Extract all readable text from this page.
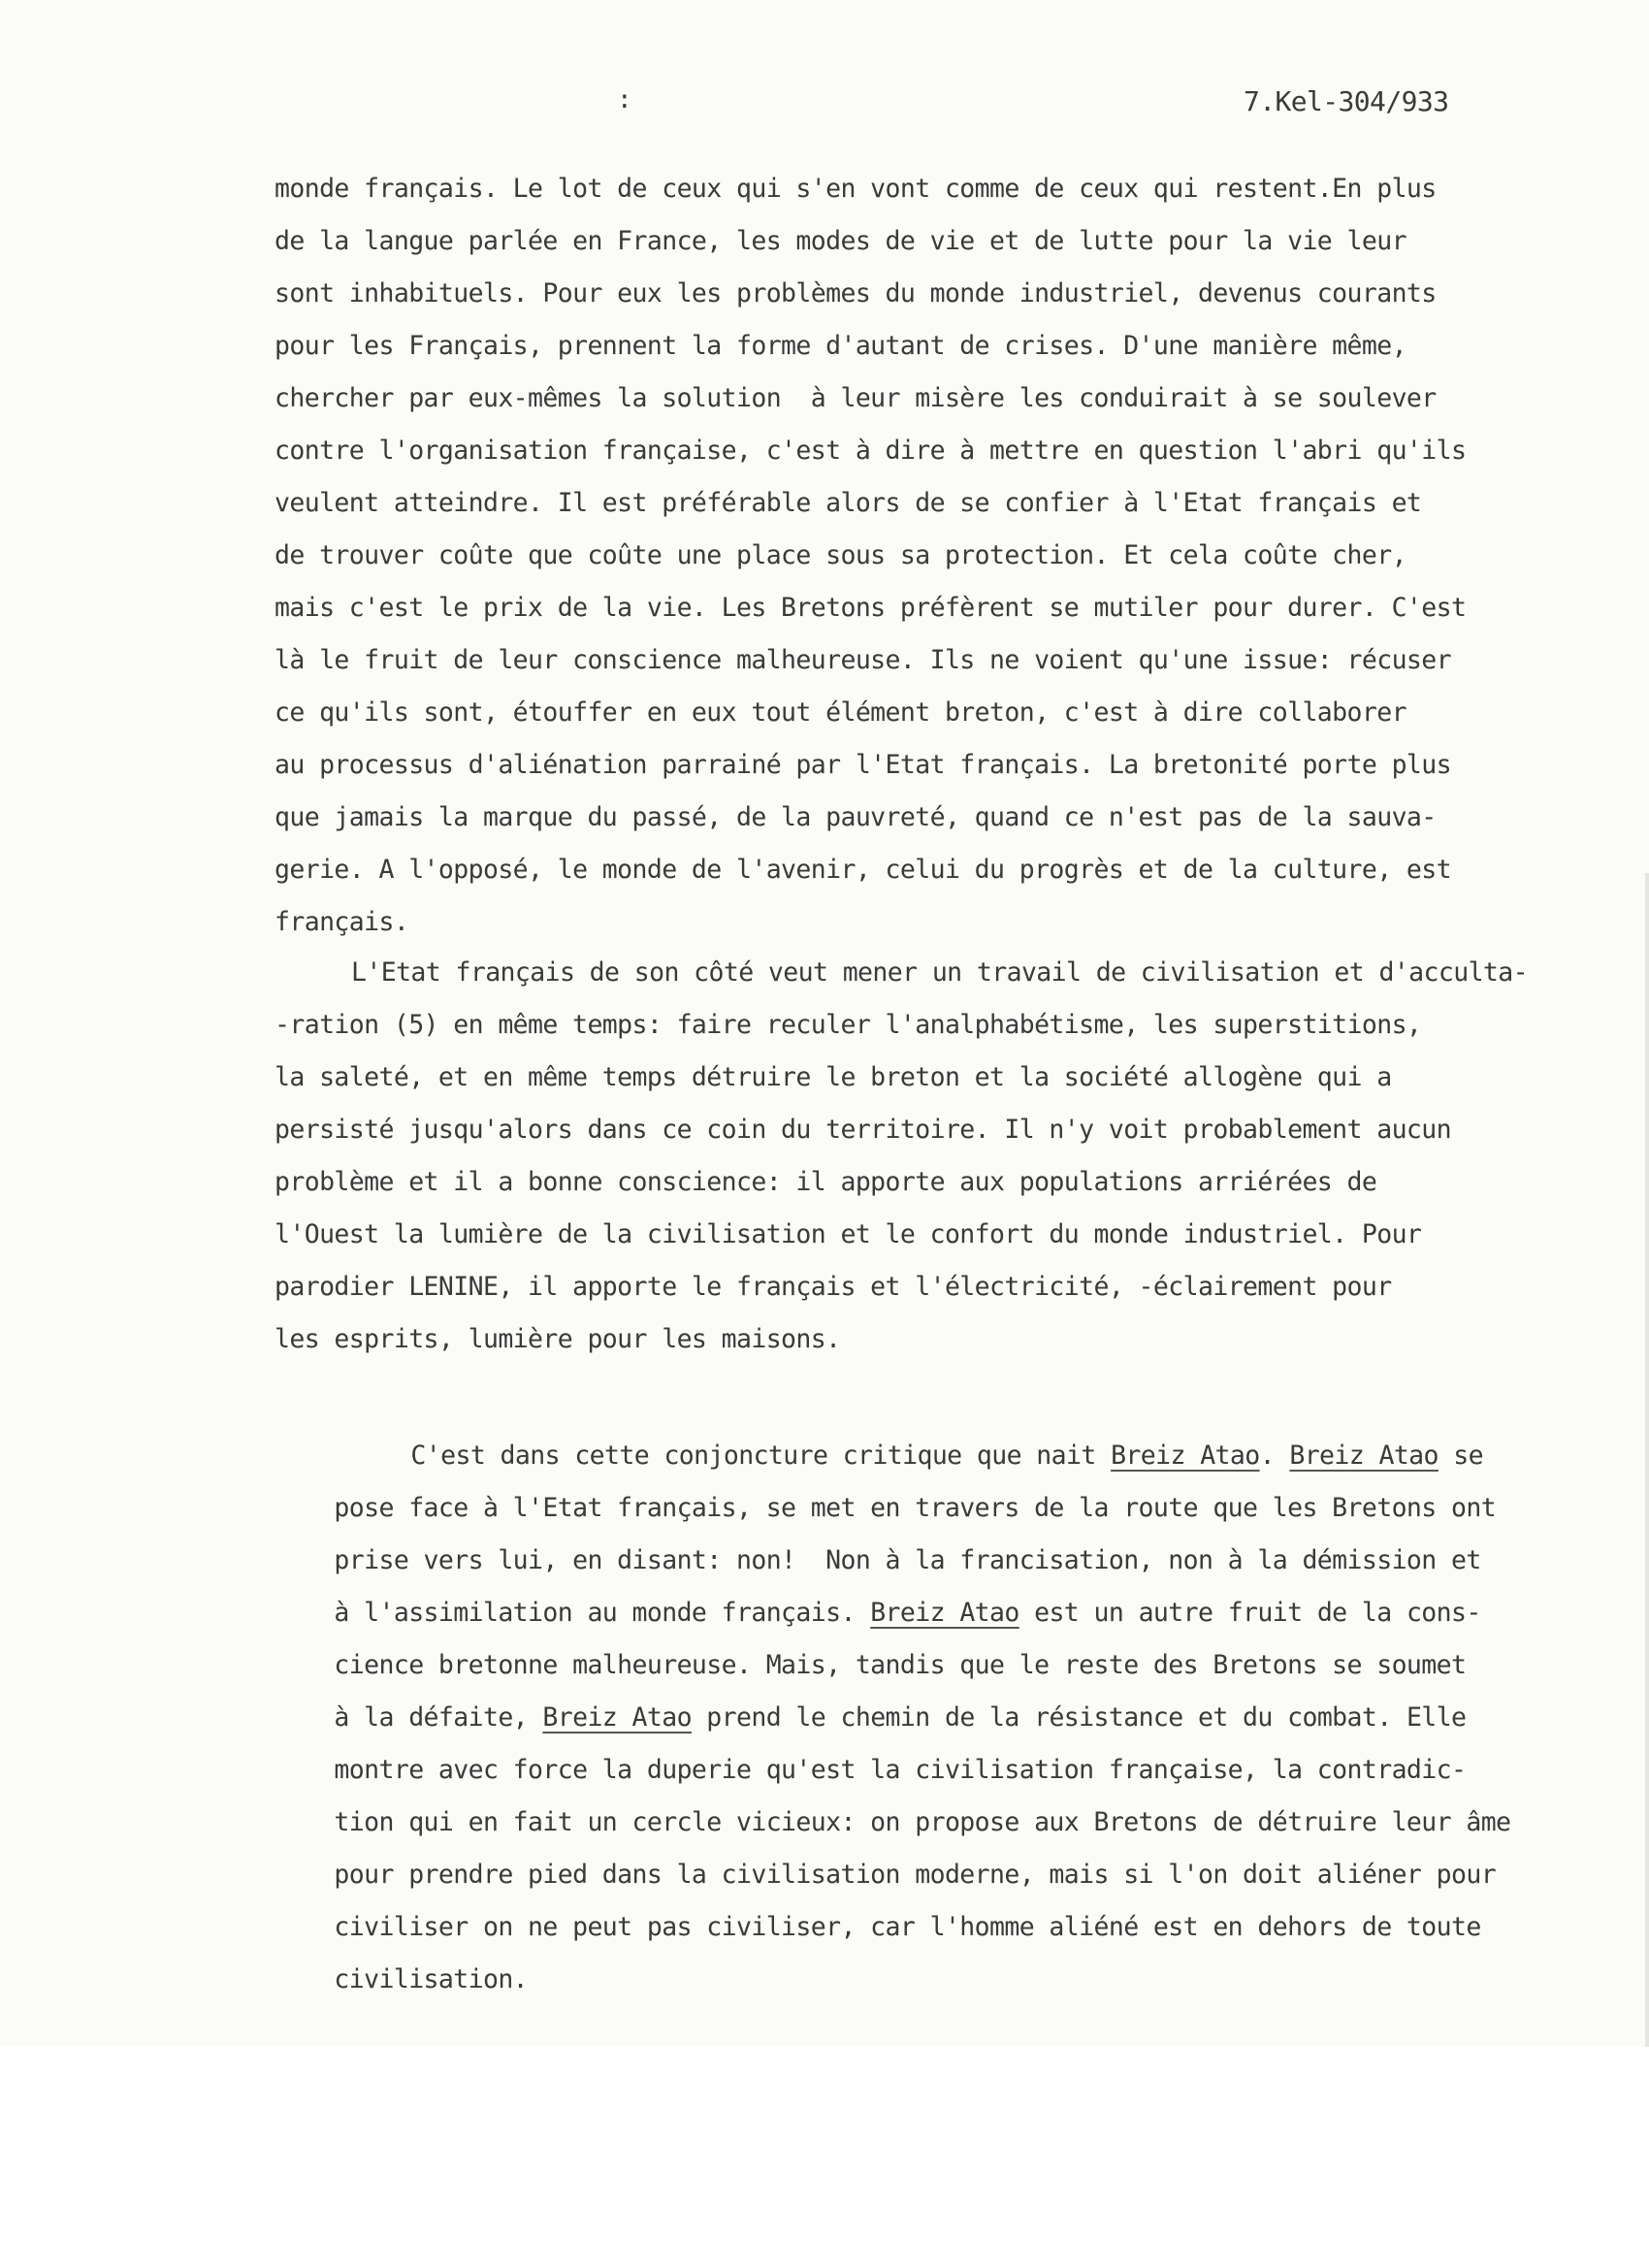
:	7.Kel-304/933
monde français. Le lot de ceux qui s'en vont comme de ceux qui restent.En plus
de la langue parlée en France, les modes de vie et de lutte pour la vie leur
sont inhabituels. Pour eux les problèmes du monde industriel, devenus courants
pour les Français, prennent la forme d'autant de crises. D'une manière même,
chercher par eux-mêmes la solution  à leur misère les conduirait à se soulever
contre l'organisation française, c'est à dire à mettre en question l'abri qu'ils
veulent atteindre. Il est préférable alors de se confier à l'Etat français et
de trouver coûte que coûte une place sous sa protection. Et cela coûte cher,
mais c'est le prix de la vie. Les Bretons préfèrent se mutiler pour durer. C'est
là le fruit de leur conscience malheureuse. Ils ne voient qu'une issue: récuser
ce qu'ils sont, étouffer en eux tout élément breton, c'est à dire collaborer
au processus d'aliénation parrainé par l'Etat français. La bretonité porte plus
que jamais la marque du passé, de la pauvreté, quand ce n'est pas de la sauva-
gerie. A l'opposé, le monde de l'avenir, celui du progrès et de la culture, est
français.
L'Etat français de son côté veut mener un travail de civilisation et d'acculta-
-ration (5) en même temps: faire reculer l'analphabétisme, les superstitions,
la saleté, et en même temps détruire le breton et la société allogène qui a
persisté jusqu'alors dans ce coin du territoire. Il n'y voit probablement aucun
problème et il a bonne conscience: il apporte aux populations arriérées de
l'Ouest la lumière de la civilisation et le confort du monde industriel. Pour
parodier LENINE, il apporte le français et l'électricité, -éclairement pour
les esprits, lumière pour les maisons.

C'est dans cette conjoncture critique que nait Breiz Atao. Breiz Atao se

pose face à l'Etat français, se met en travers de la route que les Bretons ont

prise vers lui, en disant: non!  Non à la francisation, non à la démission et

à l'assimilation au monde français. Breiz Atao est un autre fruit de la cons-

cience bretonne malheureuse. Mais, tandis que le reste des Bretons se soumet

à la défaite, Breiz Atao prend le chemin de la résistance et du combat. Elle

montre avec force la duperie qu'est la civilisation française, la contradic-

tion qui en fait un cercle vicieux: on propose aux Bretons de détruire leur âme

pour prendre pied dans la civilisation moderne, mais si l'on doit aliéner pour

civiliser on ne peut pas civiliser, car l'homme aliéné est en dehors de toute

civilisation.
